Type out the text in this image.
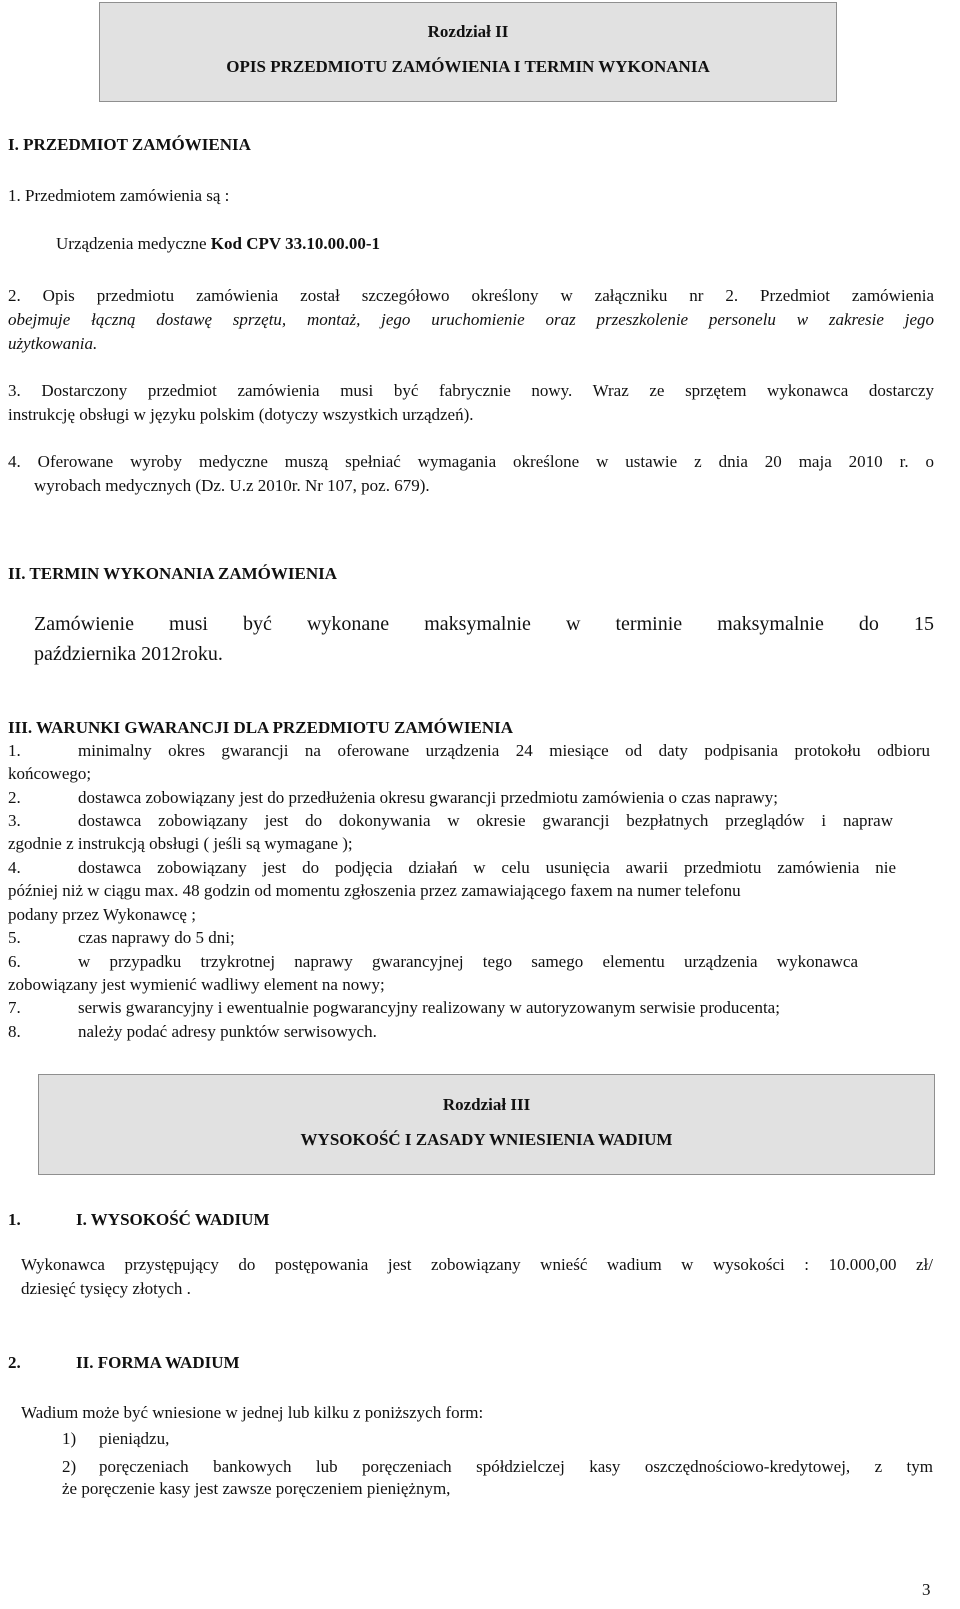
Rozdział II
OPIS PRZEDMIOTU ZAMÓWIENIA I TERMIN WYKONANIA
I. PRZEDMIOT ZAMÓWIENIA
1. Przedmiotem zamówienia są :
Urządzenia medyczne Kod CPV 33.10.00.00-1
2. Opis przedmiotu zamówienia został szczegółowo określony w załączniku nr 2. Przedmiot zamówienia
obejmuje łączną dostawę sprzętu, montaż, jego uruchomienie oraz przeszkolenie personelu w zakresie jego
użytkowania.
3. Dostarczony przedmiot zamówienia musi być fabrycznie nowy. Wraz ze sprzętem wykonawca dostarczy
instrukcję obsługi w języku polskim (dotyczy wszystkich urządzeń).
4. Oferowane wyroby medyczne muszą spełniać wymagania określone w ustawie z dnia 20 maja 2010 r. o
wyrobach medycznych (Dz. U.z 2010r. Nr 107, poz. 679).
II. TERMIN WYKONANIA ZAMÓWIENIA
Zamówienie musi być wykonane maksymalnie w terminie maksymalnie do 15
października 2012roku.
III. WARUNKI GWARANCJI DLA PRZEDMIOTU ZAMÓWIENIA
1.	minimalny okres gwarancji na oferowane urządzenia 24 miesiące od daty podpisania protokołu odbioru
końcowego;
2.	dostawca zobowiązany jest do przedłużenia okresu gwarancji przedmiotu zamówienia o czas naprawy;
3.	dostawca zobowiązany jest do dokonywania w okresie gwarancji bezpłatnych przeglądów i napraw
zgodnie z instrukcją obsługi ( jeśli są wymagane );
4.	dostawca zobowiązany jest do podjęcia działań w celu usunięcia awarii przedmiotu zamówienia nie
później niż w ciągu max. 48 godzin od momentu zgłoszenia przez zamawiającego faxem na numer telefonu
podany przez Wykonawcę ;
5.	czas naprawy do 5 dni;
6.	w przypadku trzykrotnej naprawy gwarancyjnej tego samego elementu urządzenia wykonawca
zobowiązany jest wymienić wadliwy element na nowy;
7.	serwis gwarancyjny i ewentualnie pogwarancyjny realizowany w autoryzowanym serwisie producenta;
8.	należy podać adresy punktów serwisowych.
Rozdział III
WYSOKOŚĆ I ZASADY WNIESIENIA WADIUM
1.	I. WYSOKOŚĆ WADIUM
Wykonawca przystępujący do postępowania jest zobowiązany wnieść wadium w wysokości : 10.000,00 zł/
dziesięć tysięcy złotych .
2.	II. FORMA WADIUM
Wadium może być wniesione w jednej lub kilku z poniższych form:
1) pieniądzu,
2) poręczeniach bankowych lub poręczeniach spółdzielczej kasy oszczędnościowo-kredytowej, z tym
że poręczenie kasy jest zawsze poręczeniem pieniężnym,
3
